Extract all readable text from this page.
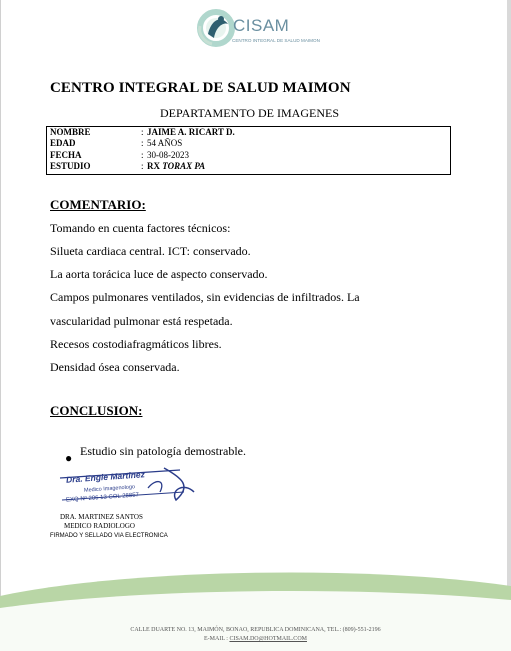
CISAM
CENTRO INTEGRAL DE SALUD MAIMON
CENTRO INTEGRAL DE SALUD MAIMON
DEPARTAMENTO DE IMAGENES
NOMBRE	: JAIME A. RICART D.
EDAD	: 54 AÑOS
FECHA	: 30-08-2023
ESTUDIO	: RX TORAX PA
COMENTARIO:
Tomando en cuenta factores técnicos:
Silueta cardiaca central. ICT: conservado.
La aorta torácica luce de aspecto conservado.
Campos pulmonares ventilados, sin evidencias de infiltrados. La
vascularidad pulmonar está respetada.
Recesos costodiafragmáticos libres.
Densidad ósea conservada.
CONCLUSION:
● Estudio sin patología demostrable.
Dra. Engie Martinez
Medico Imagenologo
EXQ Nº 206 13 COL 28857
DRA. MARTINEZ SANTOS
MEDICO RADIOLOGO
FIRMADO Y SELLADO VIA ELECTRONICA
CALLE DUARTE NO. 13, MAIMÓN, BONAO, REPUBLICA DOMINICANA, TEL.: (809)-551-2196
E-MAIL : CISAM.DO@HOTMAIL.COM
